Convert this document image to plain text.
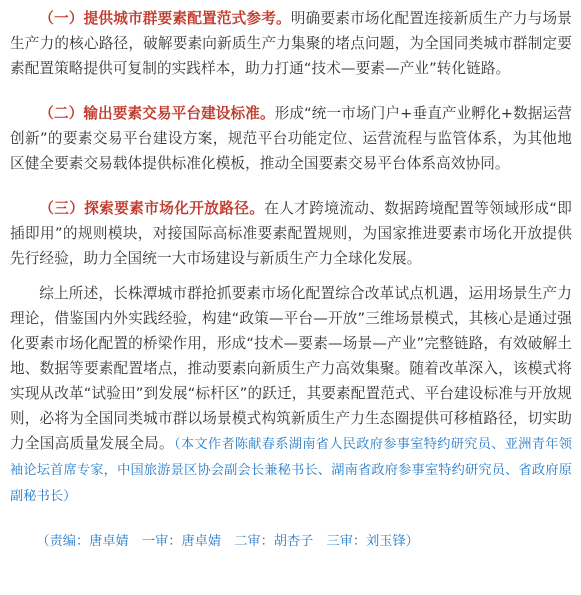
（一）提供城市群要素配置范式参考。明确要素市场化配置连接新质生产力与场景生产力的核心路径，破解要素向新质生产力集聚的堵点问题，为全国同类城市群制定要素配置策略提供可复制的实践样本，助力打通“技术—要素—产业”转化链路。

（二）输出要素交易平台建设标准。形成“统一市场门户+垂直产业孵化+数据运营创新”的要素交易平台建设方案，规范平台功能定位、运营流程与监管体系，为其他地区健全要素交易载体提供标准化模板，推动全国要素交易平台体系高效协同。

（三）探索要素市场化开放路径。在人才跨境流动、数据跨境配置等领域形成“即插即用”的规则模块，对接国际高标准要素配置规则，为国家推进要素市场化开放提供先行经验，助力全国统一大市场建设与新质生产力全球化发展。

综上所述，长株潭城市群抢抓要素市场化配置综合改革试点机遇，运用场景生产力理论，借鉴国内外实践经验，构建“政策—平台—开放”三维场景模式，其核心是通过强化要素市场化配置的桥梁作用，形成“技术—要素—场景—产业”完整链路，有效破解土地、数据等要素配置堵点，推动要素向新质生产力高效集聚。随着改革深入，该模式将实现从改革“试验田”到发展“标杆区”的跃迁，其要素配置范式、平台建设标准与开放规则，必将为全国同类城市群以场景模式构筑新质生产力生态圈提供可移植路径，切实助力全国高质量发展全局。（本文作者陈献春系湖南省人民政府参事室特约研究员、亚洲青年领袖论坛首席专家，中国旅游景区协会副会长兼秘书长、湖南省政府参事室特约研究员、省政府原副秘书长）

（责编：唐卓婧　一审：唐卓婧　二审：胡杏子　三审：刘玉锋）
